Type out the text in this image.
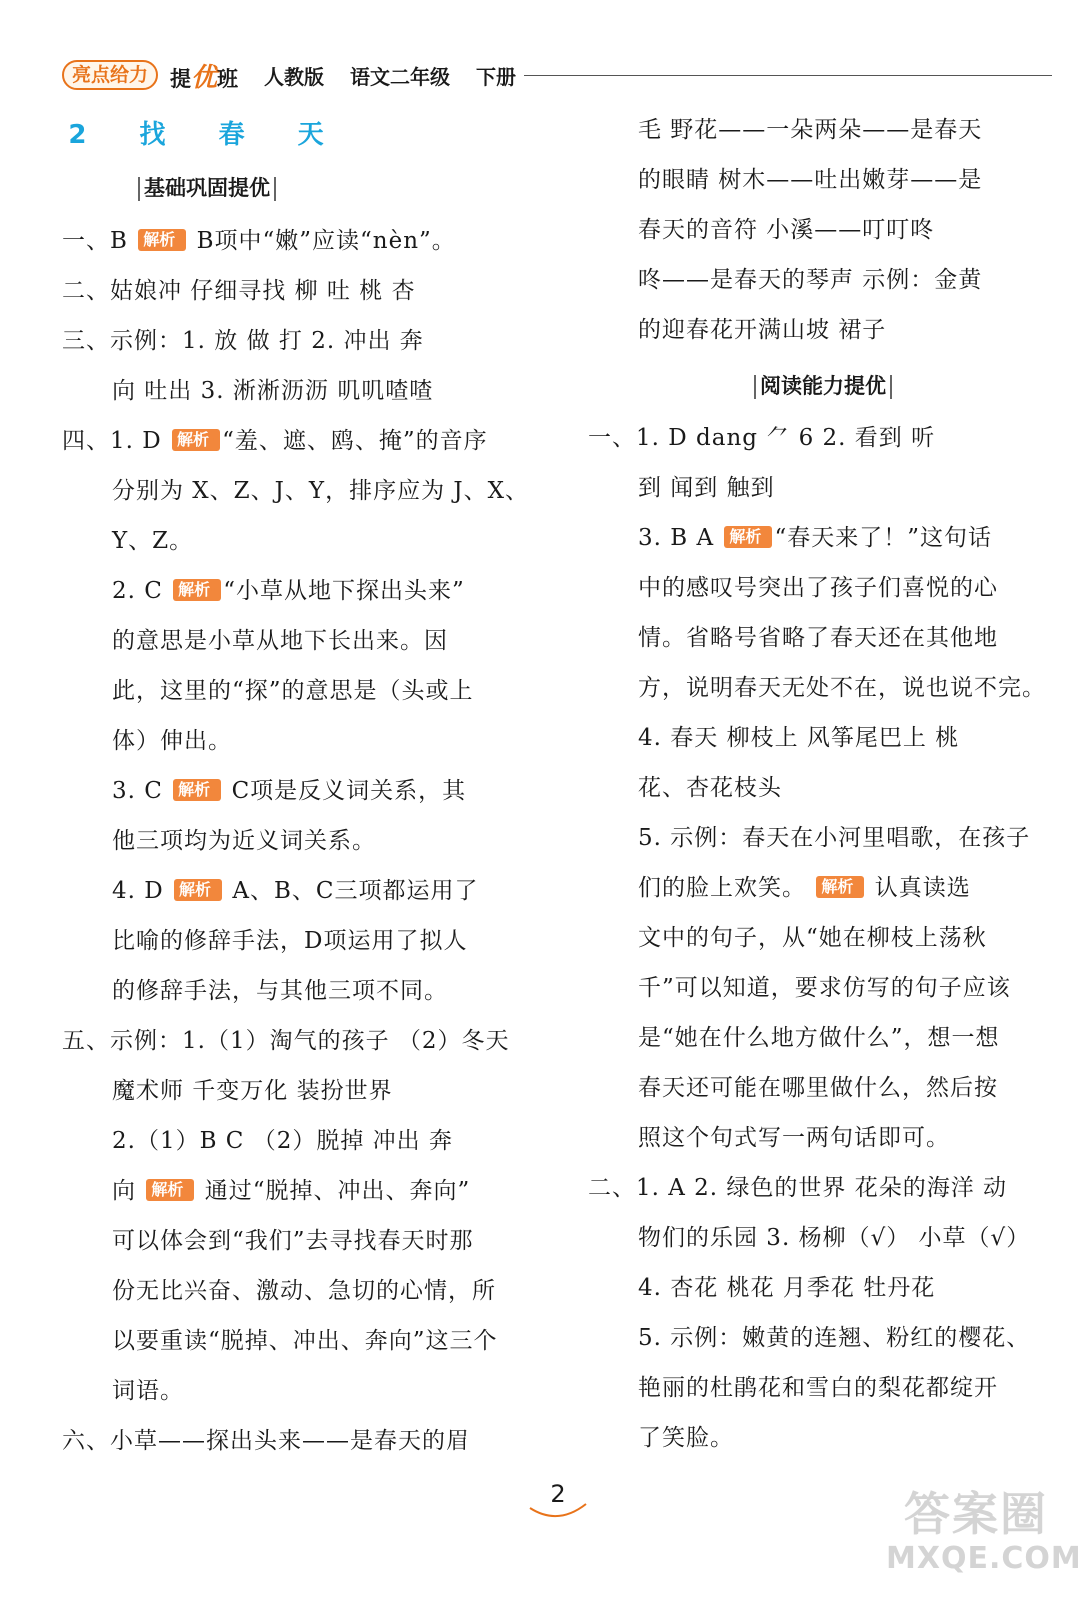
亮点给力	提优班 人教版 语文二年级 下册
2 找 春 天
基础巩固提优
一、B 解析 · B项中“嫩”应读“nèn”。
二、姑娘冲 仔细寻找 柳 吐 桃 杏
三、示例：1. 放 做 打 2. 冲出 奔
向 吐出 3. 淅淅沥沥 叽叽喳喳
四、1. D 解析 · “羞、遮、鸥、掩”的音序
分别为 X、Z、J、Y，排序应为 J、X、
Y、Z。
2. C 解析 · “小草从地下探出头来”
的意思是小草从地下长出来。因
此，这里的“探”的意思是（头或上
体）伸出。
3. C 解析 · C项是反义词关系，其
他三项均为近义词关系。
4. D 解析 · A、B、C三项都运用了
比喻的修辞手法，D项运用了拟人
的修辞手法，与其他三项不同。
五、示例：1.（1）淘气的孩子 （2）冬天
魔术师 千变万化 装扮世界
2.（1）B C （2）脱掉 冲出 奔
向 解析 · 通过“脱掉、冲出、奔向”
可以体会到“我们”去寻找春天时那
份无比兴奋、激动、急切的心情，所
以要重读“脱掉、冲出、奔向”这三个
词语。
六、小草——探出头来——是春天的眉
毛 野花——一朵两朵——是春天
的眼睛 树木——吐出嫩芽——是
春天的音符 小溪——叮叮咚
咚——是春天的琴声 示例：金黄
的迎春花开满山坡 裙子
阅读能力提优
一、1. D dang ⺈ 6 2. 看到 听
到 闻到 触到
3. B A 解析 · “春天来了！”这句话
中的感叹号突出了孩子们喜悦的心
情。省略号省略了春天还在其他地
方，说明春天无处不在，说也说不完。
4. 春天 柳枝上 风筝尾巴上 桃
花、杏花枝头
5. 示例：春天在小河里唱歌，在孩子
们的脸上欢笑。 解析 · 认真读选
文中的句子，从“她在柳枝上荡秋
千”可以知道，要求仿写的句子应该
是“她在什么地方做什么”，想一想
春天还可能在哪里做什么，然后按
照这个句式写一两句话即可。
二、1. A 2. 绿色的世界 花朵的海洋 动
物们的乐园 3. 杨柳（√） 小草（√）
4. 杏花 桃花 月季花 牡丹花
5. 示例：嫩黄的连翘、粉红的樱花、
艳丽的杜鹃花和雪白的梨花都绽开
了笑脸。
2	答案圈
MXQE.COM
